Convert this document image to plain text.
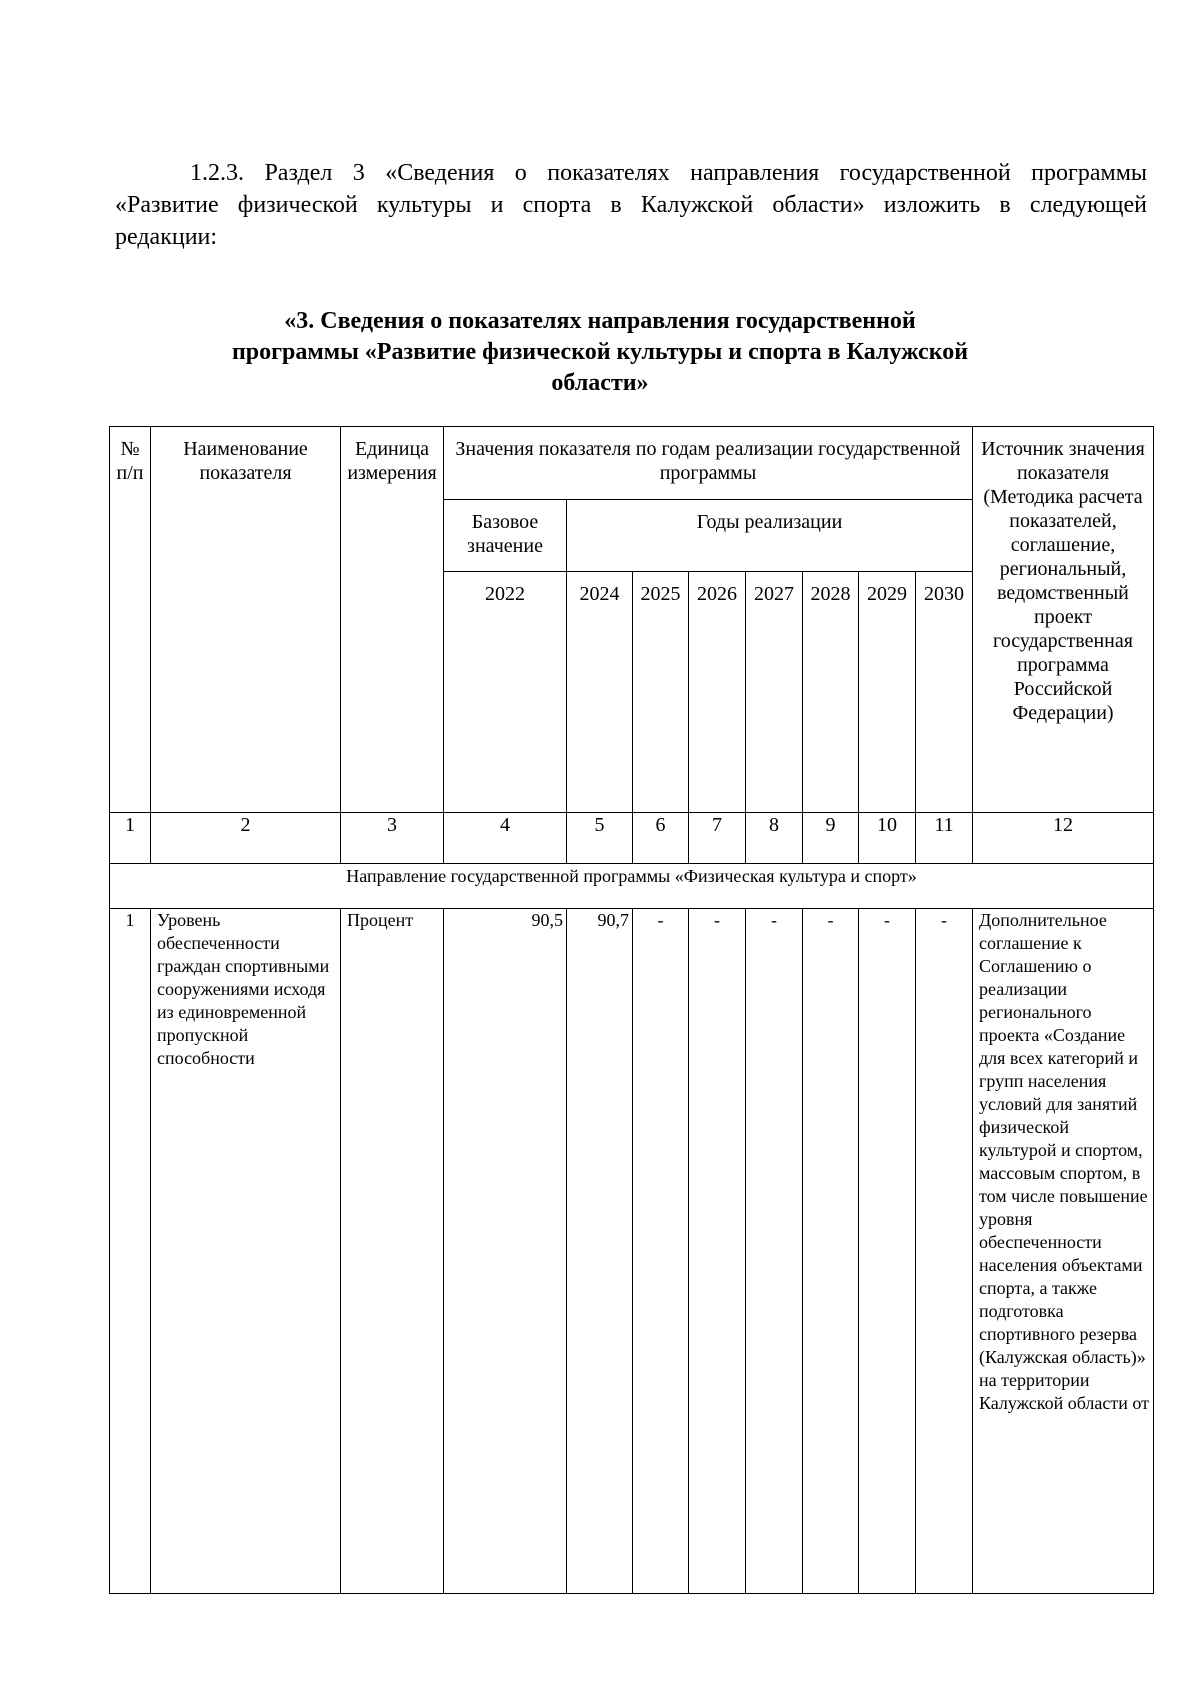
1.2.3. Раздел 3 «Сведения о показателях направления государственной программы
«Развитие физической культуры и спорта в Калужской области» изложить в следующей
редакции:
«3. Сведения о показателях направления государственной
программы «Развитие физической культуры и спорта в Калужской
области»
№ п/п	Наименование показателя	Единица измерения	Значения показателя по годам реализации государственной программы								Источник значения показателя (Методика расчета показателей, соглашение, региональный, ведомственный проект государственная программа Российской Федерации)
			Базовое значение	Годы реализации							
			2022	2024	2025	2026	2027	2028	2029	2030	
1	2	3	4	5	6	7	8	9	10	11	12
Направление государственной программы «Физическая культура и спорт»											
1	Уровень обеспеченности граждан спортивными сооружениями исходя из единовременной пропускной способности	Процент	90,5	90,7	-	-	-	-	-	-	Дополнительное соглашение к Соглашению о реализации регионального проекта «Создание для всех категорий и групп населения условий для занятий физической культурой и спортом, массовым спортом, в том числе повышение уровня обеспеченности населения объектами спорта, а также подготовка спортивного резерва (Калужская область)» на территории Калужской области от
